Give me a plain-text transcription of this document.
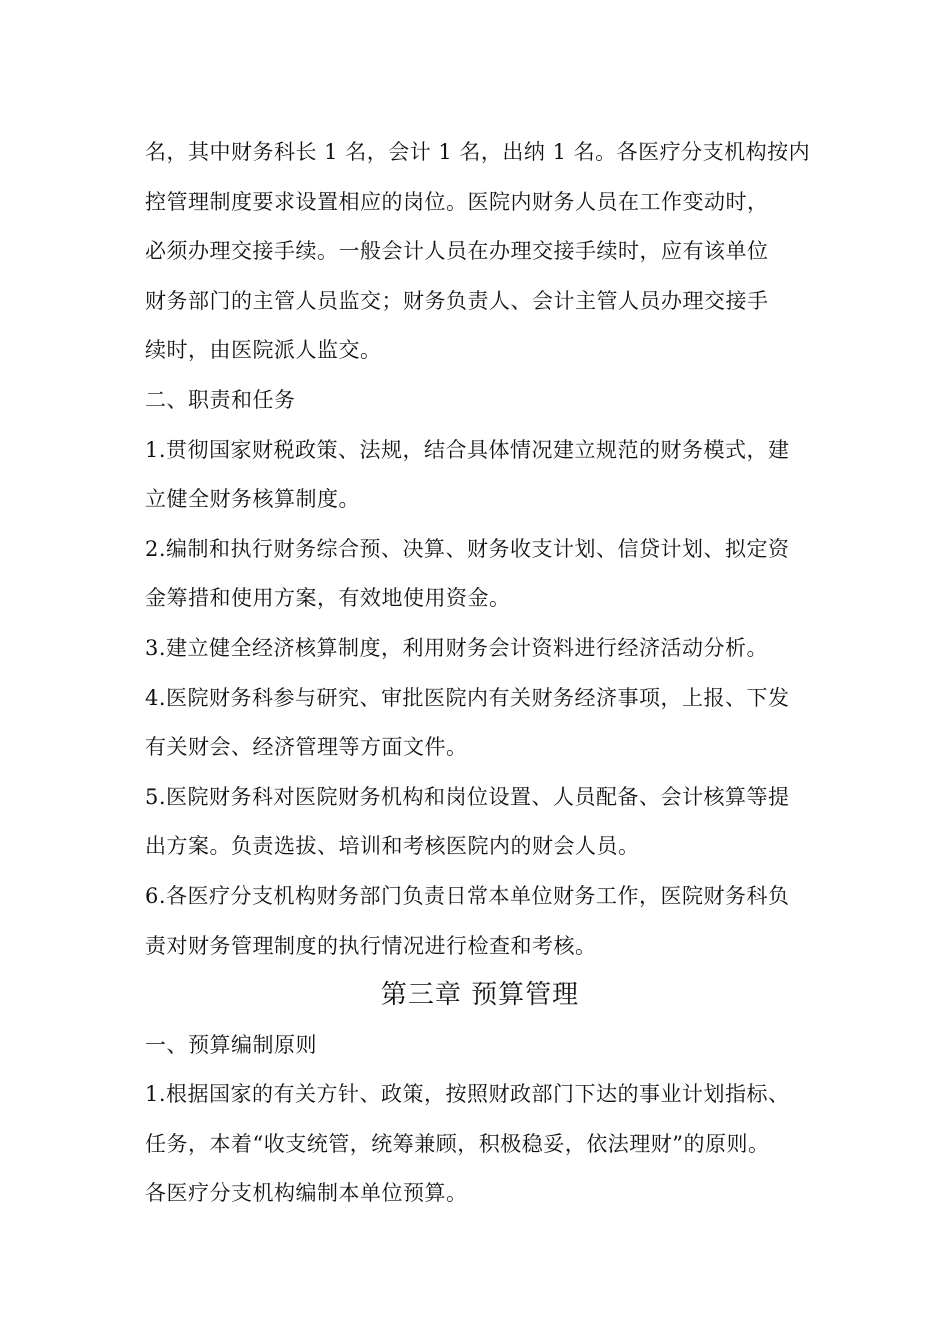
名，其中财务科长 1 名，会计 1 名，出纳 1 名。各医疗分支机构按内
控管理制度要求设置相应的岗位。医院内财务人员在工作变动时，
必须办理交接手续。一般会计人员在办理交接手续时，应有该单位
财务部门的主管人员监交；财务负责人、会计主管人员办理交接手
续时，由医院派人监交。
二、职责和任务
1.贯彻国家财税政策、法规，结合具体情况建立规范的财务模式，建
立健全财务核算制度。
2.编制和执行财务综合预、决算、财务收支计划、信贷计划、拟定资
金筹措和使用方案，有效地使用资金。
3.建立健全经济核算制度，利用财务会计资料进行经济活动分析。
4.医院财务科参与研究、审批医院内有关财务经济事项，上报、下发
有关财会、经济管理等方面文件。
5.医院财务科对医院财务机构和岗位设置、人员配备、会计核算等提
出方案。负责选拔、培训和考核医院内的财会人员。
6.各医疗分支机构财务部门负责日常本单位财务工作，医院财务科负
责对财务管理制度的执行情况进行检查和考核。
第三章 预算管理
一、预算编制原则
1.根据国家的有关方针、政策，按照财政部门下达的事业计划指标、
任务，本着“收支统管，统筹兼顾，积极稳妥，依法理财”的原则。
各医疗分支机构编制本单位预算。
